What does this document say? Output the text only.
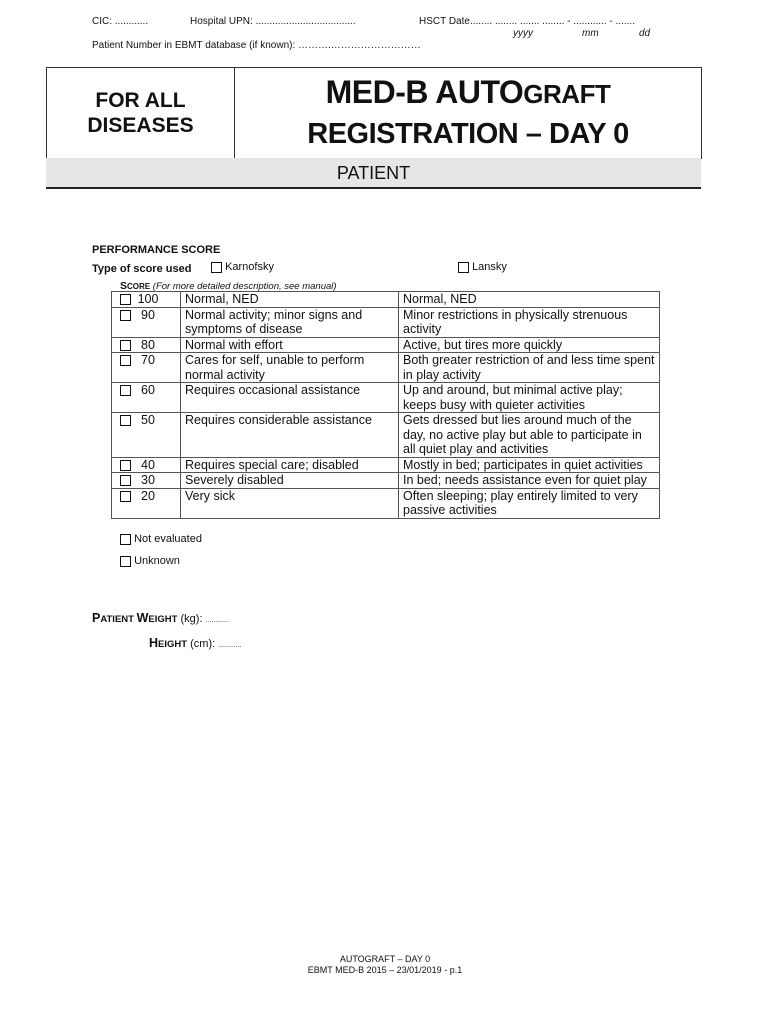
CIC: ............	Hospital UPN: ....................................	HSCT Date........ ........ ....... ........ - ............ - .......
yyyy	mm	dd
Patient Number in EBMT database (if known): ……….………………………
FOR ALL
DISEASES
MED-B AUTOGRAFT
REGISTRATION – DAY 0
PATIENT
PERFORMANCE SCORE
Type of score used	Karnofsky	Lansky
SCORE (For more detailed description, see manual)
100	Normal, NED	Normal, NED
90	Normal activity; minor signs and symptoms of disease	Minor restrictions in physically strenuous activity
80	Normal with effort	Active, but tires more quickly
70	Cares for self, unable to perform normal activity	Both greater restriction of and less time spent in play activity
60	Requires occasional assistance	Up and around, but minimal active play; keeps busy with quieter activities
50	Requires considerable assistance	Gets dressed but lies around much of the day, no active play but able to participate in all quiet play and activities
40	Requires special care; disabled	Mostly in bed; participates in quiet activities
30	Severely disabled	In bed; needs assistance even for quiet play
20	Very sick	Often sleeping; play entirely limited to very passive activities
Not evaluated
Unknown
PATIENT WEIGHT (kg): ............
HEIGHT (cm): ............
AUTOGRAFT – DAY 0
EBMT MED-B 2015 – 23/01/2019 - p.1
